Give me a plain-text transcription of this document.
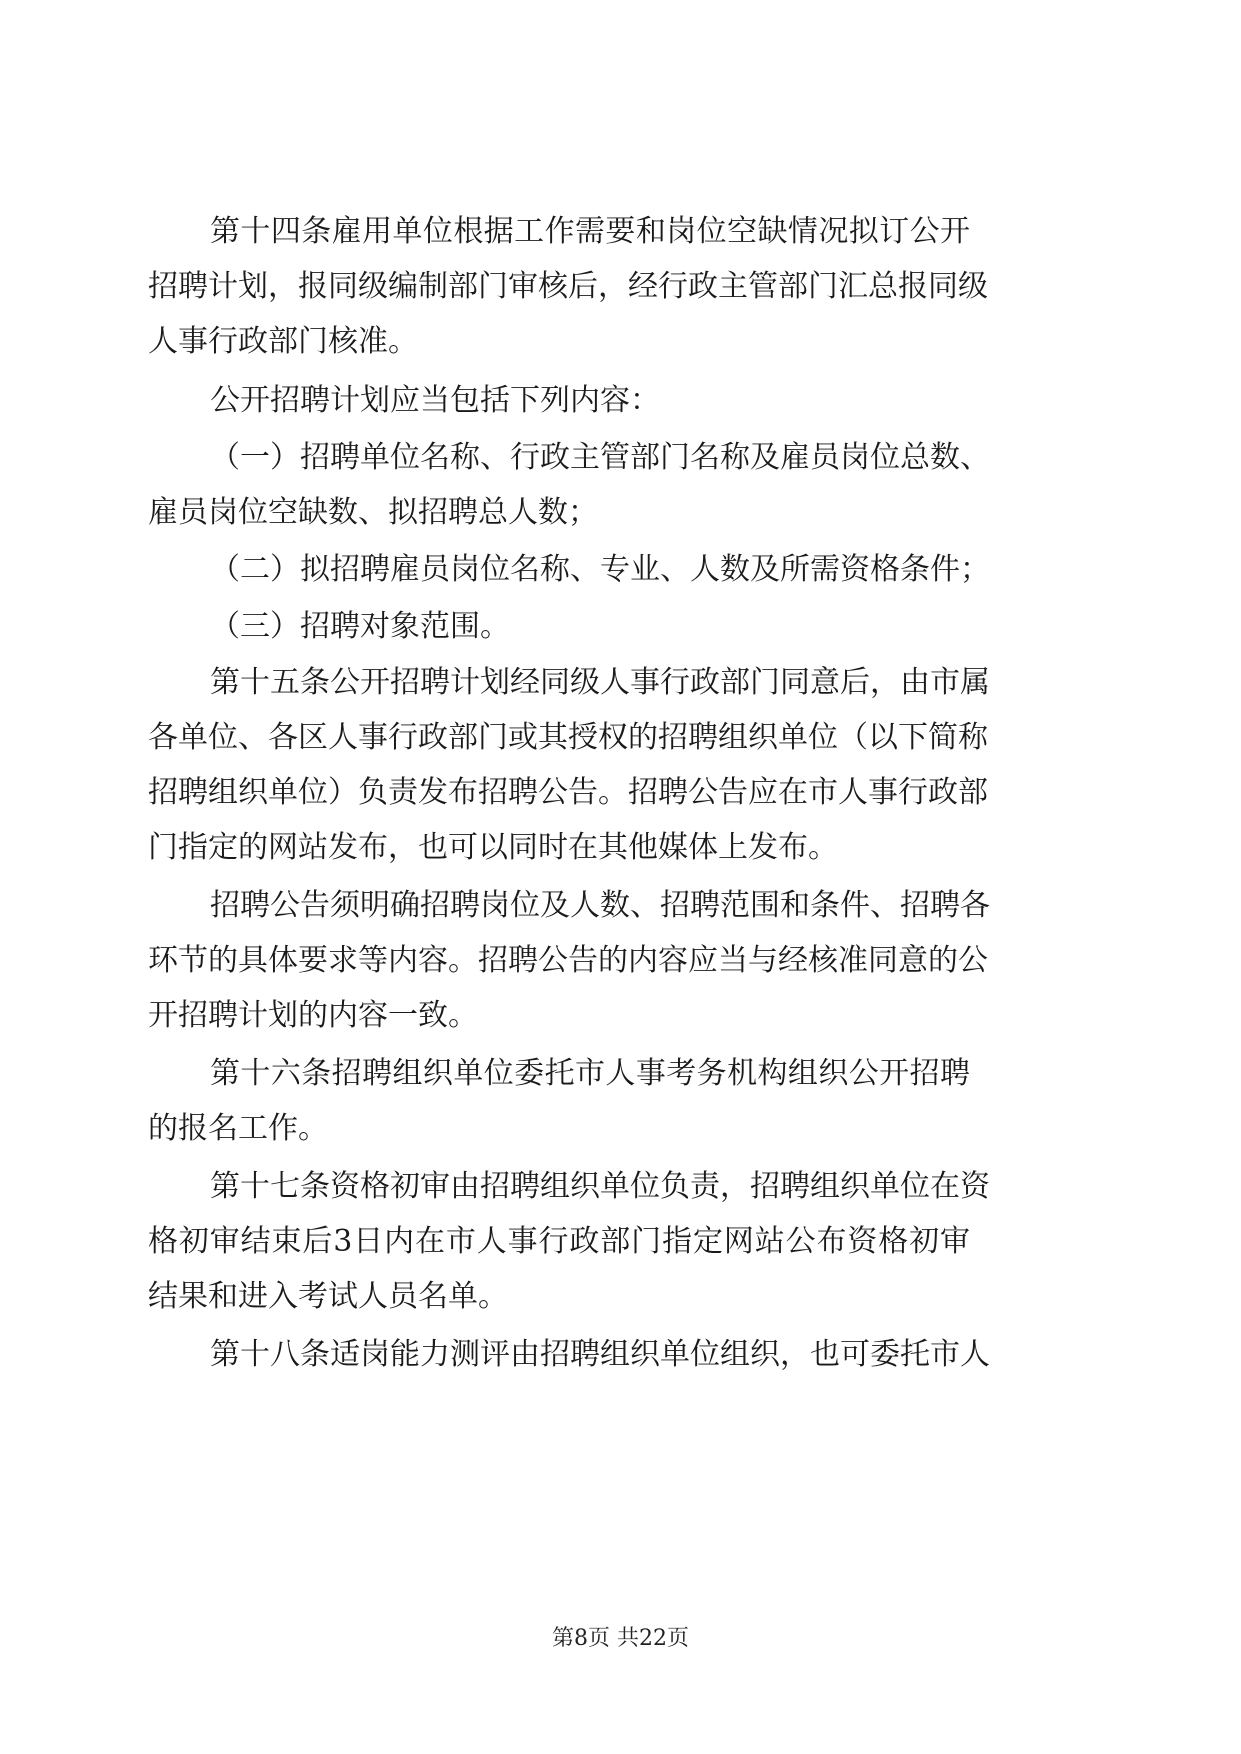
第十四条雇用单位根据工作需要和岗位空缺情况拟订公开
招聘计划，报同级编制部门审核后，经行政主管部门汇总报同级
人事行政部门核准。
公开招聘计划应当包括下列内容：
（一）招聘单位名称、行政主管部门名称及雇员岗位总数、
雇员岗位空缺数、拟招聘总人数；
（二）拟招聘雇员岗位名称、专业、人数及所需资格条件；
（三）招聘对象范围。
第十五条公开招聘计划经同级人事行政部门同意后，由市属
各单位、各区人事行政部门或其授权的招聘组织单位（以下简称
招聘组织单位）负责发布招聘公告。招聘公告应在市人事行政部
门指定的网站发布，也可以同时在其他媒体上发布。
招聘公告须明确招聘岗位及人数、招聘范围和条件、招聘各
环节的具体要求等内容。招聘公告的内容应当与经核准同意的公
开招聘计划的内容一致。
第十六条招聘组织单位委托市人事考务机构组织公开招聘
的报名工作。
第十七条资格初审由招聘组织单位负责，招聘组织单位在资
格初审结束后3日内在市人事行政部门指定网站公布资格初审
结果和进入考试人员名单。
第十八条适岗能力测评由招聘组织单位组织，也可委托市人
第8页 共22页
